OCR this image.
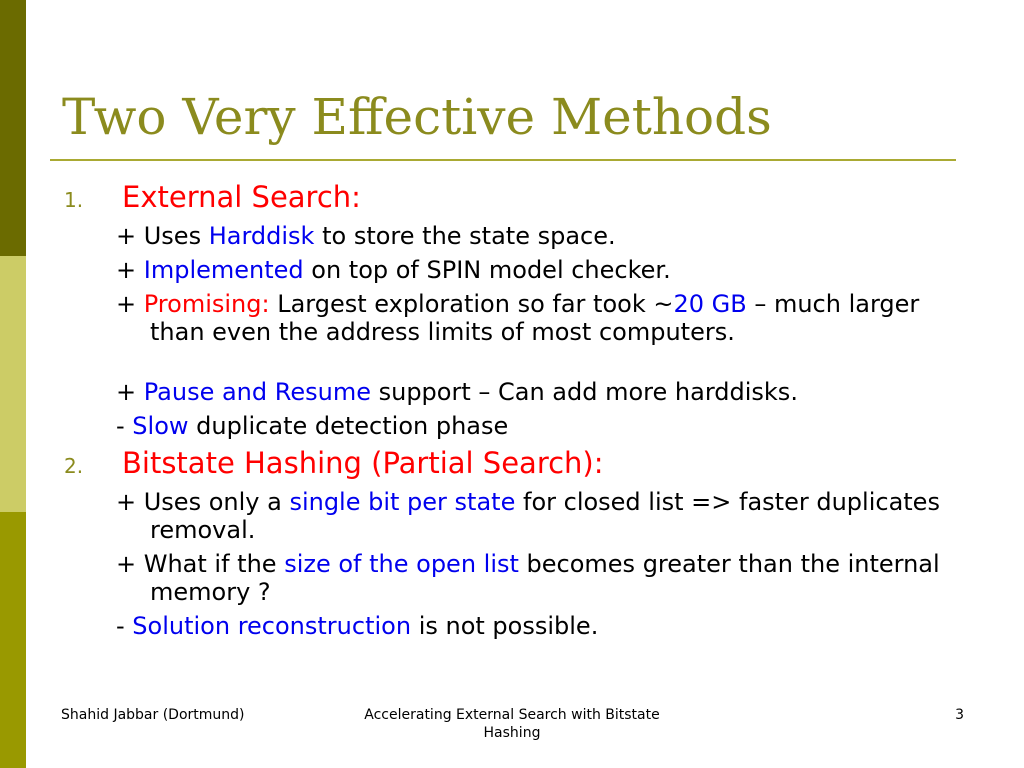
Two Very Effective Methods
1. External Search:
+ Uses Harddisk to store the state space.
+ Implemented on top of SPIN model checker.
+ Promising: Largest exploration so far took ~20 GB – much larger than even the address limits of most computers.
+ Pause and Resume support – Can add more harddisks.
- Slow duplicate detection phase
2. Bitstate Hashing (Partial Search):
+ Uses only a single bit per state for closed list => faster duplicates removal.
+ What if the size of the open list becomes greater than the internal memory ?
- Solution reconstruction is not possible.
Shahid Jabbar (Dortmund)	Accelerating External Search with Bitstate Hashing
3
